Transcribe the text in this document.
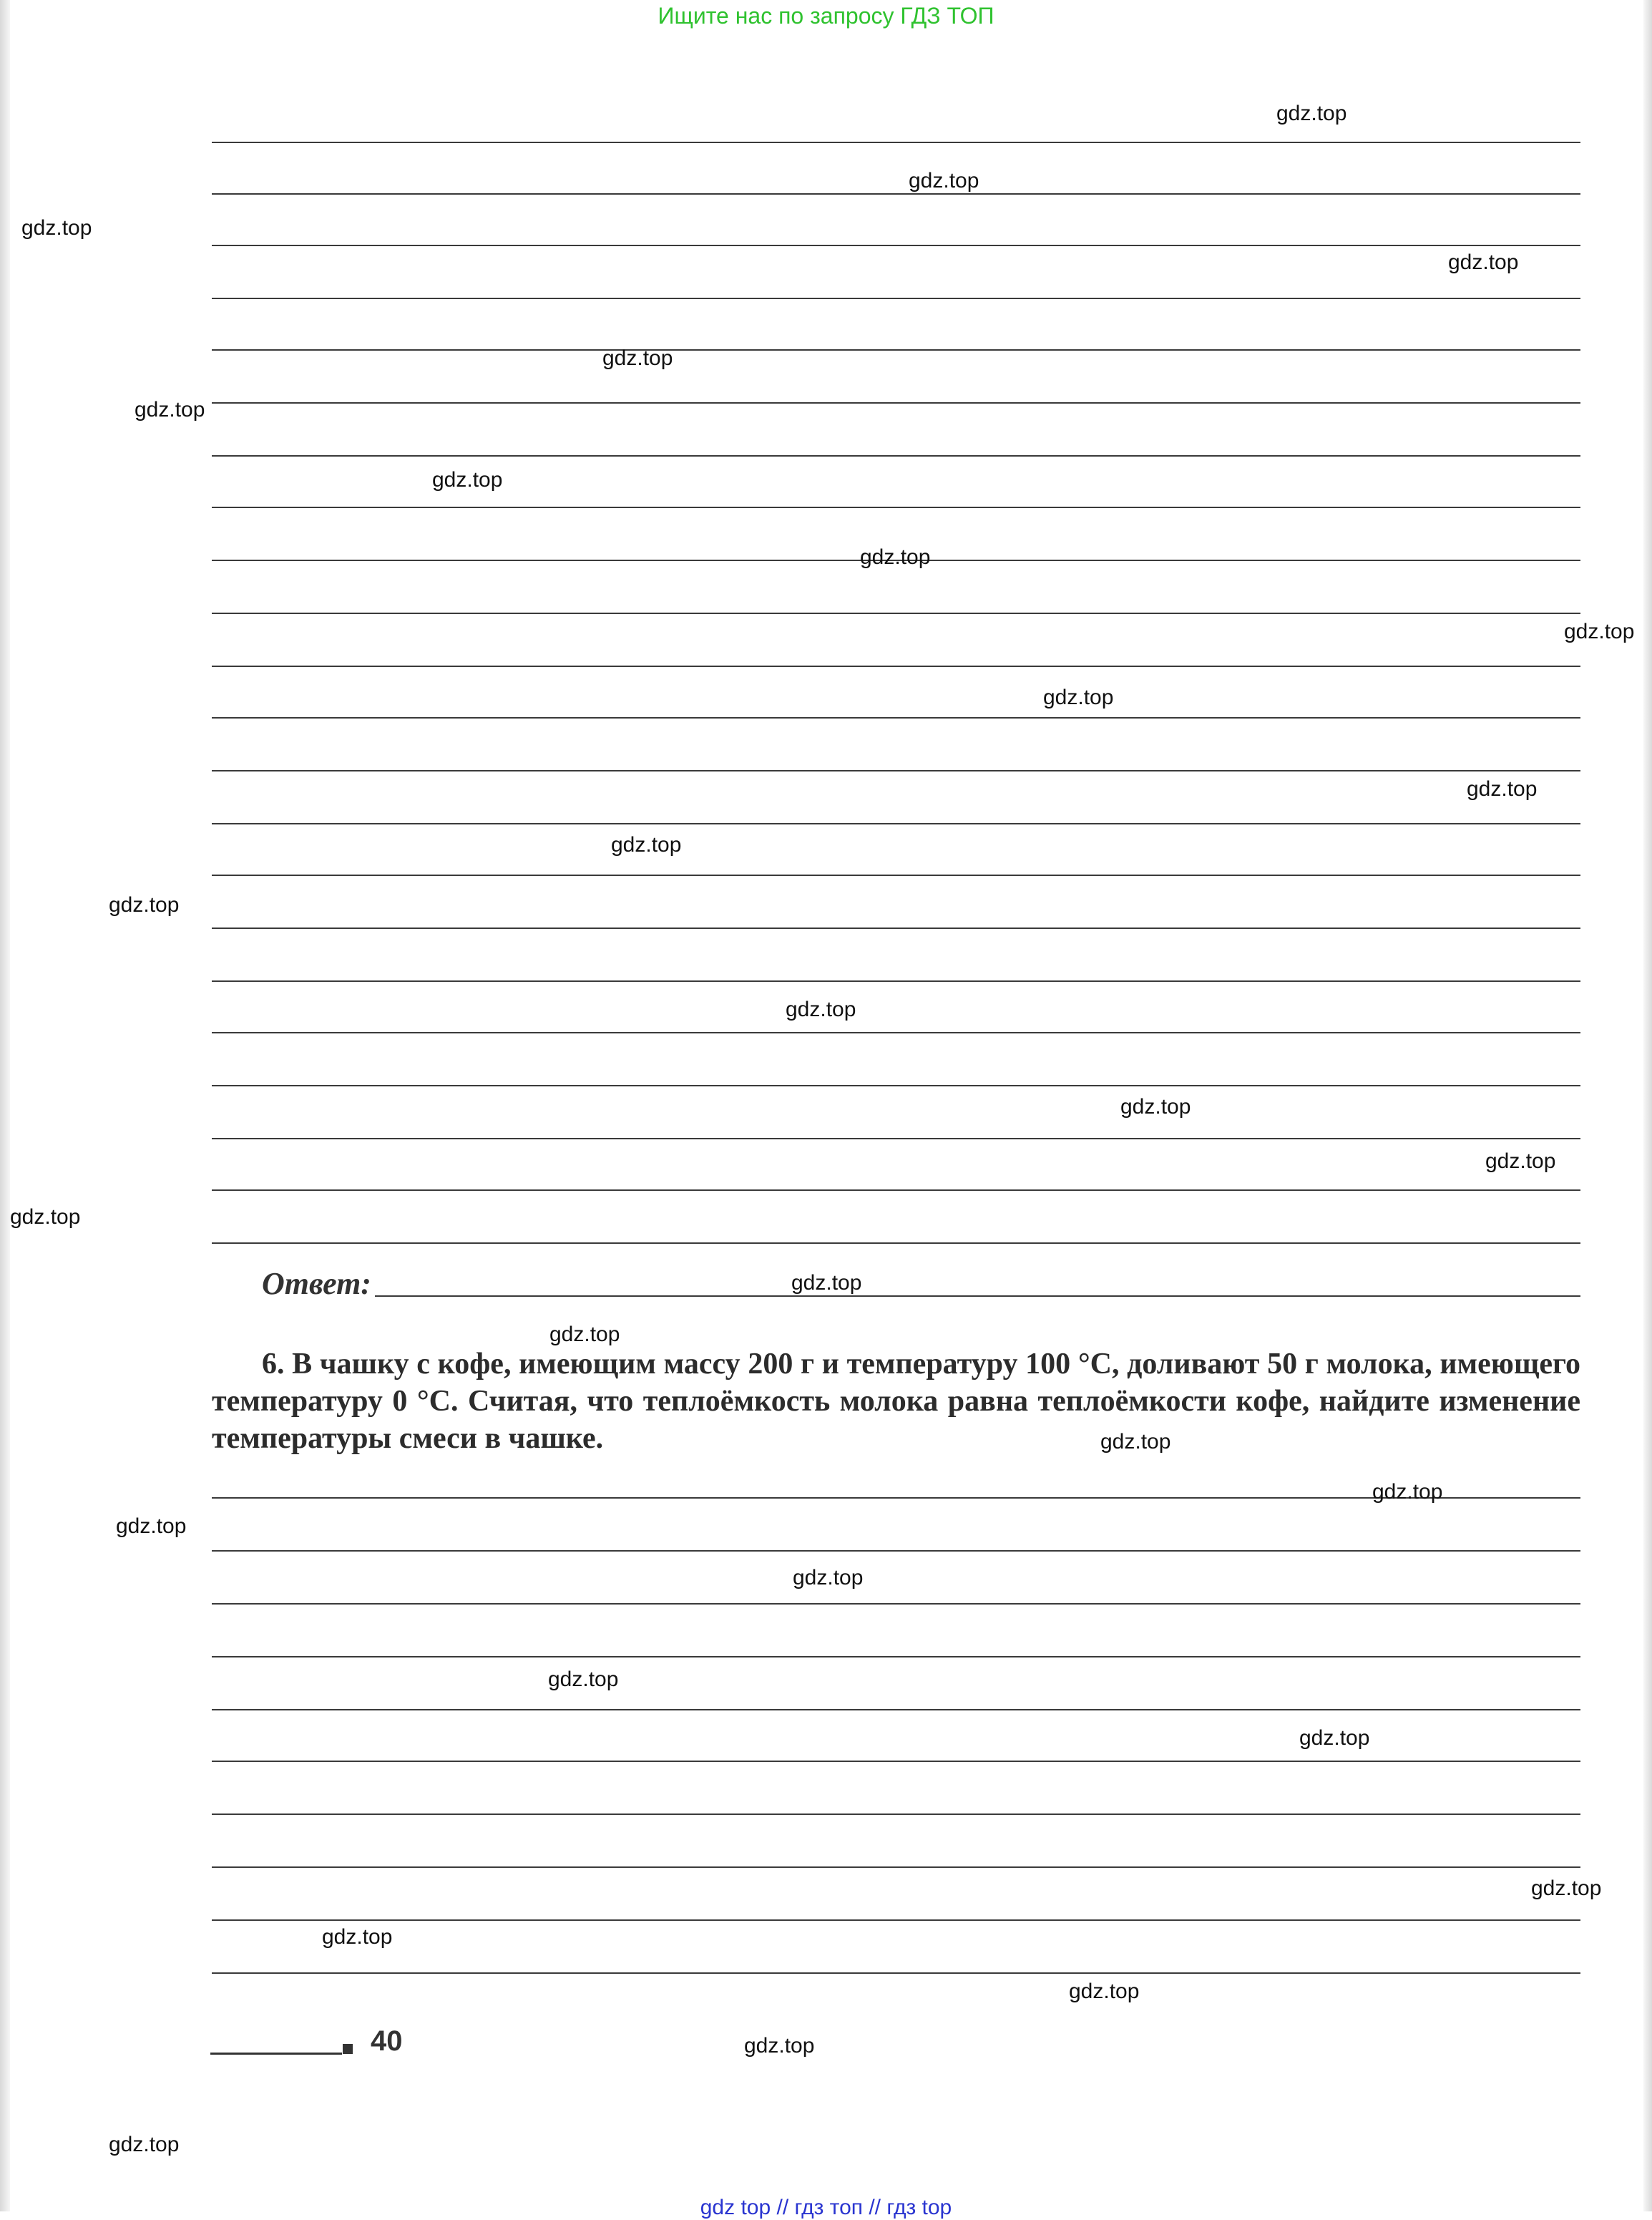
Ищите нас по запросу ГДЗ ТОП
Ответ:
6. В чашку с кофе, имеющим массу 200 г и температуру 100 °С, доливают 50 г молока, имеющего температуру 0 °С. Считая, что теплоёмкость молока равна теплоёмкости кофе, найдите изменение температуры смеси в чашке.
40
gdz.top
gdz.top
gdz.top
gdz.top
gdz.top
gdz.top
gdz.top
gdz.top
gdz.top
gdz.top
gdz.top
gdz.top
gdz.top
gdz.top
gdz.top
gdz.top
gdz.top
gdz.top
gdz.top
gdz.top
gdz.top
gdz.top
gdz.top
gdz.top
gdz.top
gdz.top
gdz.top
gdz.top
gdz.top
gdz.top
gdz top // гдз топ // гдз top
